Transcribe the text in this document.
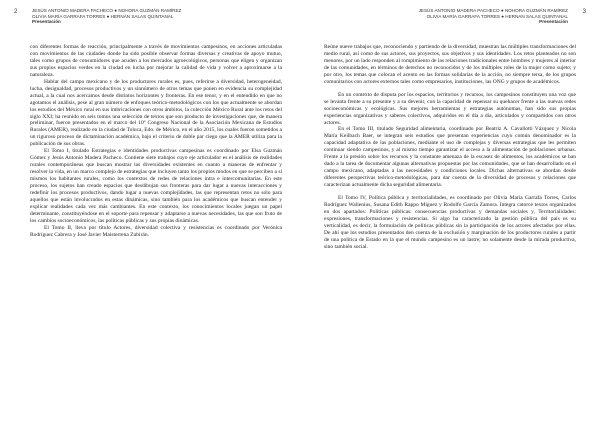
2	JESÚS ANTONIO MADERA PACHECO ● NOHORA GUZMÁN RAMÍREZ
OLIVIA MARÍA GARRAFA TORRES ● HERNÁN SALAS QUINTANAL
Presentación

con diferentes formas de reacción, principalmente a través de movimientos campesinos, en acciones articuladas con movimientos de las ciudades donde ha sido posible observar formas diversas y creativas de apoyo mutuo, tales como grupos de consumidores que acuden a los mercados agroecológicos, personas que eligen y organizan sus propios espacios verdes en la ciudad en lucha por mejorar la calidad de vida y volver a aproximarse a la naturaleza.

Hablar del campo mexicano y de los productores rurales es, pues, referirse a diversidad, heterogeneidad, lucha, desigualdad, procesos productivos y un sinnúmero de otros temas que ponen en evidencia su complejidad actual, a la cual nos acercamos desde distintos horizontes y fronteras. En ese tenor, y en el entendido en que no agotamos el análisis, pese al gran número de enfoques teórico-metodológicos con los que actualmente se abordan los estudios del México rural en sus imbricaciones con otros ámbitos, la colección México Rural ante los retos del siglo XXI; ha reunido en seis tomos una selección de textos que son producto de investigaciones que, de manera preliminar, fueron presentados en el marco del 10º Congreso Nacional de la Asociación Mexicana de Estudios Rurales (AMER), realizado en la ciudad de Toluca, Edo. de México, en el año 2015, los cuales fueron sometidos a un riguroso proceso de dictaminación académica, bajo el criterio de doble par ciego que la AMER utiliza para la publicación de sus obras.

El Tomo I, titulado Estrategias e identidades productivas campesinas es coordinado por Elsa Guzmán Gómez y Jesús Antonio Madera Pacheco. Contiene siete trabajos cuyo eje articulador es el análisis de realidades rurales contemporáneas que buscan mostrar las diversidades existentes en cuanto a maneras de enfrentar y resolver la vida, en un marco complejo de estrategias que incluyen tanto los propios modos en que se perciben a sí mismos los habitantes rurales, como los contextos de redes de relaciones intra e intercomunitarias. En este proceso, los sujetos han creado espacios que desdibujan sus fronteras para dar lugar a nuevas interacciones y redefinir los procesos productivos, dando lugar a nuevas complejidades, las que representan retos no sólo para aquellos que están involucrados en estas dinámicas, sino también para los académicos que buscan entender y explicar realidades cada vez más cambiantes. En este contexto, los conocimientos locales juegan un papel determinante, constituyéndose en el soporte para repensar y adaptarse a nuevas necesidades, las que son fruto de los cambios socioeconómicos, las políticas públicas y sus propias dinámicas.

El Tomo II, lleva por título Actores, diversidad colectiva y resistencias es coordinado por Verónica Rodríguez Cabrera y José Javier Maisterrena Zubirán.

3
JESÚS ANTONIO MADERA PACHECO ● NOHORA GUZMÁN RAMÍREZ
OLIVIA MARÍA GARRAFA TORRES ● HERNÁN SALAS QUINTANAL
Presentación

Reúne nueve trabajos que, reconociendo y partiendo de la diversidad, muestran las múltiples transformaciones del medio rural, así como de sus actores, sus proyectos, sus objetivos y sus identidades. Los retos planteados no son menores, por un lado responden al rompimiento de las relaciones tradicionales entre hombres y mujeres al interior de las comunidades, en términos de derechos no reconocidos y de los múltiples roles de la mujer como sujeto; y por otro, los temas que colocan el acento en las formas solidarias de la acción, no siempre tersa, de los grupos comunitarios con actores externos tales como empresarios, instituciones, las ONG y grupos de académicos.

En un contexto de disputa por los espacios, territorios y recursos, los campesinos constituyen una voz que se levanta frente a su presente y a su devenir, con la capacidad de repensar su quehacer frente a las nuevas redes socioeconómicas y ecológicas. Sus mejores herramientas y estrategias autónomas, han sido sus propias experiencias organizativas y saberes colectivos, adquiridos en el día a día, articulados y compartidos con otros actores.

En el Tomo III, titulado Seguridad alimentaria, coordinado por Beatriz A. Cavallotti Vázquez y Nicola María Keilbach Baer, se integran seis estudios que presentan experiencias cuyo común denominador es la capacidad adaptativa de las poblaciones, mediante el uso de complejas y diversas estrategias que les permiten continuar siendo campesinos, y al mismo tiempo garantizar el acceso a la alimentación de poblaciones urbanas. Frente a la presión sobre los recursos y la constante amenaza de la escasez de alimentos, los académicos se han dado a la tarea de documentar algunas alternativas propuestas por las comunidades, que se han desarrollado en el campo mexicano, adaptadas a las necesidades y condiciones locales. Dichas alternativas se abordan desde diferentes perspectivas teórico-metodológicas, para dar cuenta de la diversidad de procesos y relaciones que caracterizan actualmente dicha seguridad alimentaria.

El Tomo IV, Política pública y territorialidades, es coordinado por Olivia María Garrafa Torres, Carlos Rodríguez Wallenius, Susana Edith Rappo Míguez y Rodolfo García Zamora. Integra catorce textos organizados en dos apartados: Políticas públicas: consecuencias productivas y demandas sociales y, Territorialidades: expresiones, transformaciones y resistencias. Si algo ha caracterizado la gestión pública del país es su verticalidad, es decir, la formulación de políticas públicas sin la participación de los actores afectados por ellas. De ahí que los estudios presentados den cuenta de la exclusión y marginación de los productores rurales a partir de una política de Estado en la que el mundo campesino es un lastre; no solamente desde la mirada productiva, sino también social.
